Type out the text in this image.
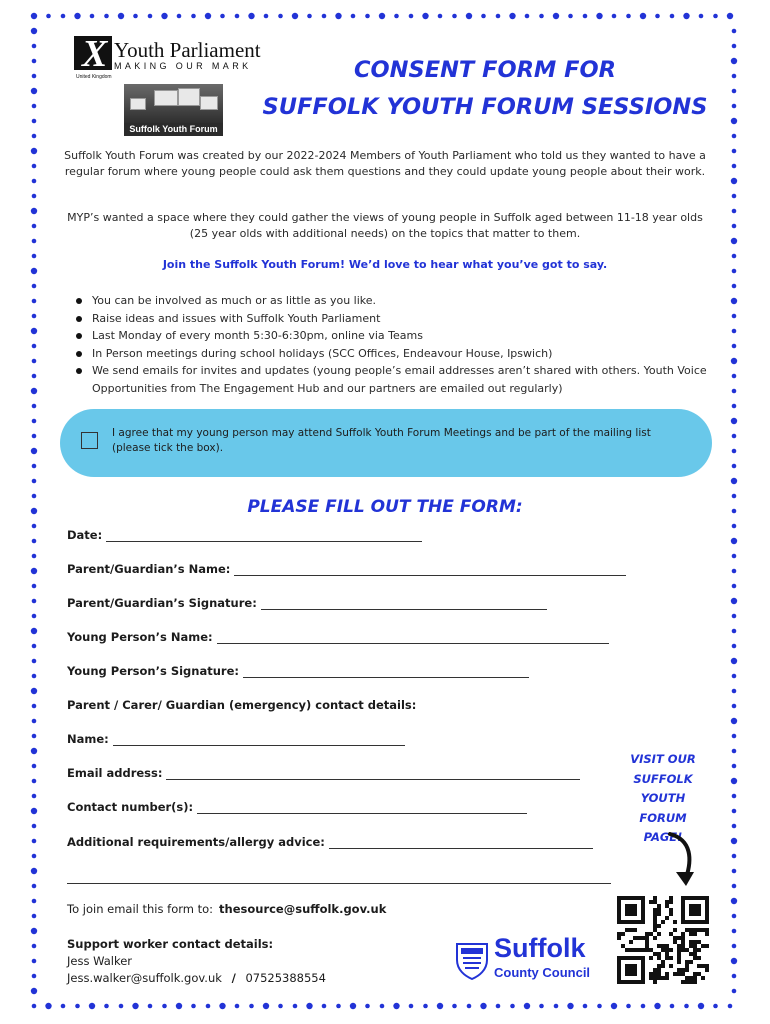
X Youth Parliament
MAKING OUR MARK
United Kingdom
Suffolk Youth Forum
CONSENT FORM FOR
SUFFOLK YOUTH FORUM SESSIONS
Suffolk Youth Forum was created by our 2022-2024 Members of Youth Parliament who told us they wanted to have a regular forum where young people could ask them questions and they could update young people about their work.
MYP’s wanted a space where they could gather the views of young people in Suffolk aged between 11-18 year olds (25 year olds with additional needs) on the topics that matter to them.
Join the Suffolk Youth Forum! We’d love to hear what you’ve got to say.
You can be involved as much or as little as you like.
Raise ideas and issues with Suffolk Youth Parliament
Last Monday of every month 5:30-6:30pm, online via Teams
In Person meetings during school holidays (SCC Offices, Endeavour House, Ipswich)
We send emails for invites and updates (young people’s email addresses aren’t shared with others. Youth Voice Opportunities from The Engagement Hub and our partners are emailed out regularly)
I agree that my young person may attend Suffolk Youth Forum Meetings and be part of the mailing list (please tick the box).
PLEASE FILL OUT THE FORM:
Date:
Parent/Guardian’s Name:
Parent/Guardian’s Signature:
Young Person’s Name:
Young Person’s Signature:
Parent / Carer/ Guardian (emergency) contact details:
Name:
Email address:
Contact number(s):
Additional requirements/allergy advice:
VISIT OUR
SUFFOLK
YOUTH FORUM
PAGE!
To join email this form to: thesource@suffolk.gov.uk
Support worker contact details:
Jess Walker
Jess.walker@suffolk.gov.uk / 07525388554
Suffolk
County Council
